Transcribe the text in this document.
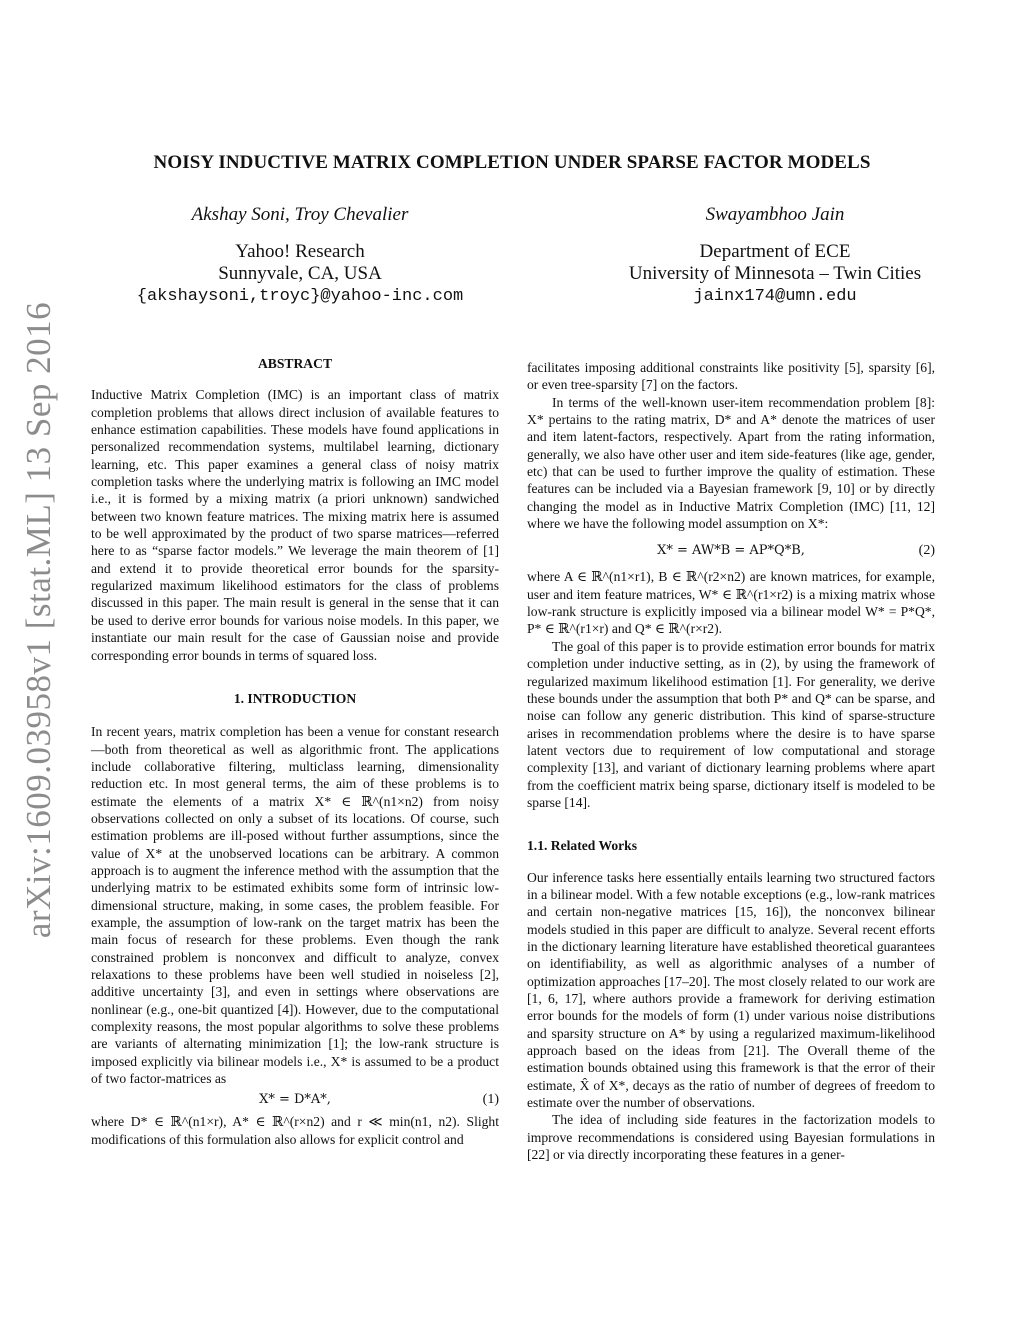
arXiv:1609.03958v1 [stat.ML] 13 Sep 2016
NOISY INDUCTIVE MATRIX COMPLETION UNDER SPARSE FACTOR MODELS
Akshay Soni, Troy Chevalier
Yahoo! Research
Sunnyvale, CA, USA
{akshaysoni,troyc}@yahoo-inc.com
Swayambhoo Jain
Department of ECE
University of Minnesota – Twin Cities
jainx174@umn.edu
ABSTRACT

Inductive Matrix Completion (IMC) is an important class of matrix completion problems that allows direct inclusion of available features to enhance estimation capabilities. These models have found applications in personalized recommendation systems, multilabel learning, dictionary learning, etc. This paper examines a general class of noisy matrix completion tasks where the underlying matrix is following an IMC model i.e., it is formed by a mixing matrix (a priori unknown) sandwiched between two known feature matrices. The mixing matrix here is assumed to be well approximated by the product of two sparse matrices—referred here to as “sparse factor models.” We leverage the main theorem of [1] and extend it to provide theoretical error bounds for the sparsity-regularized maximum likelihood estimators for the class of problems discussed in this paper. The main result is general in the sense that it can be used to derive error bounds for various noise models. In this paper, we instantiate our main result for the case of Gaussian noise and provide corresponding error bounds in terms of squared loss.

1. INTRODUCTION

In recent years, matrix completion has been a venue for constant research—both from theoretical as well as algorithmic front. The applications include collaborative filtering, multiclass learning, dimensionality reduction etc. In most general terms, the aim of these problems is to estimate the elements of a matrix X* ∈ ℝ^(n1×n2) from noisy observations collected on only a subset of its locations. Of course, such estimation problems are ill-posed without further assumptions, since the value of X* at the unobserved locations can be arbitrary. A common approach is to augment the inference method with the assumption that the underlying matrix to be estimated exhibits some form of intrinsic low-dimensional structure, making, in some cases, the problem feasible. For example, the assumption of low-rank on the target matrix has been the main focus of research for these problems. Even though the rank constrained problem is nonconvex and difficult to analyze, convex relaxations to these problems have been well studied in noiseless [2], additive uncertainty [3], and even in settings where observations are nonlinear (e.g., one-bit quantized [4]). However, due to the computational complexity reasons, the most popular algorithms to solve these problems are variants of alternating minimization [1]; the low-rank structure is imposed explicitly via bilinear models i.e., X* is assumed to be a product of two factor-matrices as

X* = D*A*,	(1)

where D* ∈ ℝ^(n1×r), A* ∈ ℝ^(r×n2) and r ≪ min(n1, n2). Slight modifications of this formulation also allows for explicit control and

facilitates imposing additional constraints like positivity [5], sparsity [6], or even tree-sparsity [7] on the factors.

In terms of the well-known user-item recommendation problem [8]: X* pertains to the rating matrix, D* and A* denote the matrices of user and item latent-factors, respectively. Apart from the rating information, generally, we also have other user and item side-features (like age, gender, etc) that can be used to further improve the quality of estimation. These features can be included via a Bayesian framework [9, 10] or by directly changing the model as in Inductive Matrix Completion (IMC) [11, 12] where we have the following model assumption on X*:

X* = AW*B = AP*Q*B,	(2)

where A ∈ ℝ^(n1×r1), B ∈ ℝ^(r2×n2) are known matrices, for example, user and item feature matrices, W* ∈ ℝ^(r1×r2) is a mixing matrix whose low-rank structure is explicitly imposed via a bilinear model W* = P*Q*, P* ∈ ℝ^(r1×r) and Q* ∈ ℝ^(r×r2).

The goal of this paper is to provide estimation error bounds for matrix completion under inductive setting, as in (2), by using the framework of regularized maximum likelihood estimation [1]. For generality, we derive these bounds under the assumption that both P* and Q* can be sparse, and noise can follow any generic distribution. This kind of sparse-structure arises in recommendation problems where the desire is to have sparse latent vectors due to requirement of low computational and storage complexity [13], and variant of dictionary learning problems where apart from the coefficient matrix being sparse, dictionary itself is modeled to be sparse [14].

1.1. Related Works

Our inference tasks here essentially entails learning two structured factors in a bilinear model. With a few notable exceptions (e.g., low-rank matrices and certain non-negative matrices [15, 16]), the nonconvex bilinear models studied in this paper are difficult to analyze. Several recent efforts in the dictionary learning literature have established theoretical guarantees on identifiability, as well as algorithmic analyses of a number of optimization approaches [17–20]. The most closely related to our work are [1, 6, 17], where authors provide a framework for deriving estimation error bounds for the models of form (1) under various noise distributions and sparsity structure on A* by using a regularized maximum-likelihood approach based on the ideas from [21]. The Overall theme of the estimation bounds obtained using this framework is that the error of their estimate, X̂ of X*, decays as the ratio of number of degrees of freedom to estimate over the number of observations.

The idea of including side features in the factorization models to improve recommendations is considered using Bayesian formulations in [22] or via directly incorporating these features in a gener-
